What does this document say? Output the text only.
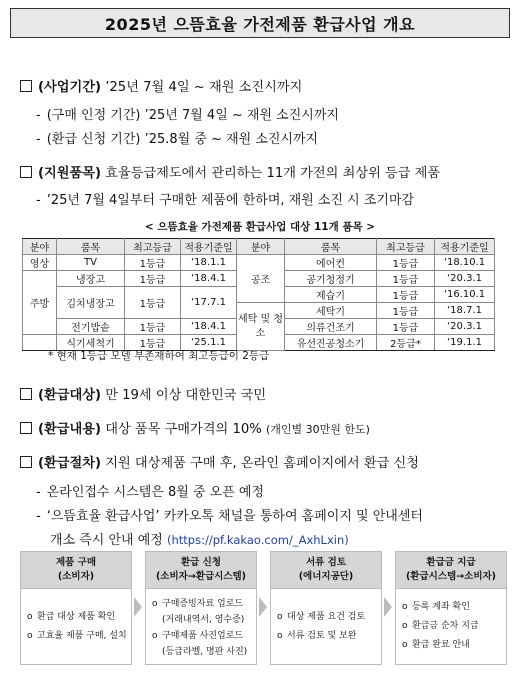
2025년 으뜸효율 가전제품 환급사업 개요
(사업기간) ’25년 7월 4일 ~ 재원 소진시까지
- (구매 인정 기간) ’25년 7월 4일 ~ 재원 소진시까지
- (환급 신청 기간) ’25.8월 중 ~ 재원 소진시까지
(지원품목) 효율등급제도에서 관리하는 11개 가전의 최상위 등급 제품
- ’25년 7월 4일부터 구매한 제품에 한하며, 재원 소진 시 조기마감
< 으뜸효율 가전제품 환급사업 대상 11개 품목 >
분야	품목	최고등급	적용기준일	분야	품목	최고등급	적용기준일
영상	TV	1등급	‘18.1.1	공조	에어컨	1등급	‘18.10.1
주방	냉장고	1등급	‘18.4.1		공기청정기	1등급	‘20.3.1
	김치냉장고	1등급	‘17.7.1		제습기	1등급	‘16.10.1
				세탁 및 청소	세탁기	1등급	‘18.7.1
	전기밥솥	1등급	‘18.4.1		의류건조기	1등급	‘20.3.1
	식기세척기	1등급	‘25.1.1		유선진공청소기	2등급*	‘19.1.1
* 현재 1등급 모델 부존재하여 최고등급이 2등급
(환급대상) 만 19세 이상 대한민국 국민
(환급내용) 대상 품목 구매가격의 10% (개인별 30만원 한도)
(환급절차) 지원 대상제품 구매 후, 온라인 홈페이지에서 환급 신청
- 온라인접수 시스템은 8월 중 오픈 예정
- ‘으뜸효율 환급사업’ 카카오톡 채널을 통하여 홈페이지 및 안내센터
개소 즉시 안내 예정 (https://pf.kakao.com/_AxhLxin)
제품 구매
(소비자)
o 환급 대상 제품 확인
o 고효율 제품 구매, 설치
환급 신청
(소비자→환급시스템)
o 구매증빙자료 업로드
(거래내역서, 영수증)
o 구매제품 사진업로드
(등급라벨, 명판 사진)
서류 검토
(에너지공단)
o 대상 제품 요건 검토
o 서류 검토 및 보완
환급금 지급
(환급시스템→소비자)
o 등록 계좌 확인
o 환급금 순차 지급
o 환급 완료 안내
